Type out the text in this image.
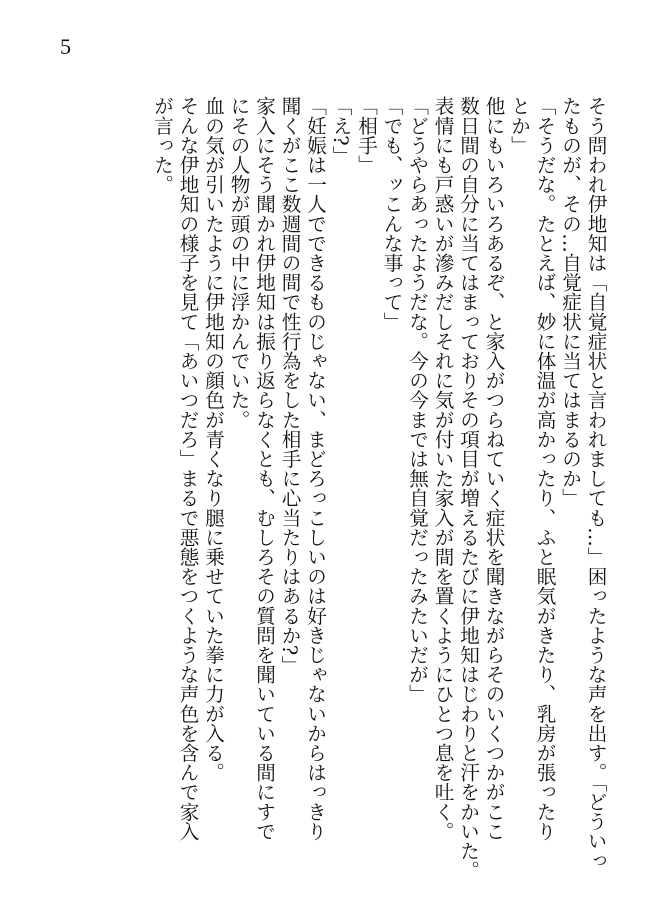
5

そう問われ伊地知は「自覚症状と言われましても…」困ったような声を出す。「どういっ

たものが、その…自覚症状に当てはまるのか」

「そうだな。たとえば、妙に体温が高かったり、ふと眠気がきたり、乳房が張ったり

とか」

他にもいろいろあるぞ、と家入がつらねていく症状を聞きながらそのいくつかがここ

数日間の自分に当てはまっておりその項目が増えるたびに伊地知はじわりと汗をかいた。

表情にも戸惑いが滲みだしそれに気が付いた家入が間を置くようにひとつ息を吐く。

「どうやらあったようだな。今の今までは無自覚だったみたいだが」

「でも、ッこんな事って」

「相手」

「え?」

「妊娠は一人でできるものじゃない、まどろっこしいのは好きじゃないからはっきり

聞くがここ数週間の間で性行為をした相手に心当たりはあるか?」

家入にそう聞かれ伊地知は振り返らなくとも、むしろその質問を聞いている間にすで

にその人物が頭の中に浮かんでいた。

血の気が引いたように伊地知の顔色が青くなり腿に乗せていた拳に力が入る。

そんな伊地知の様子を見て「あいつだろ」まるで悪態をつくような声色を含んで家入

が言った。
